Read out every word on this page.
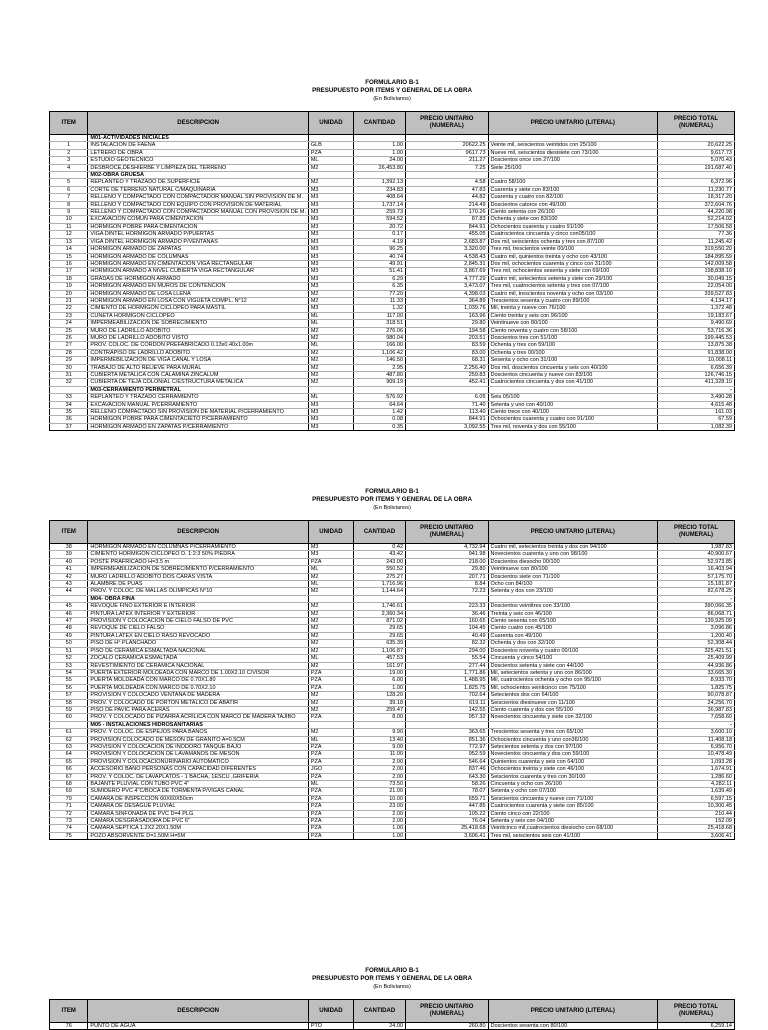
FORMULARIO B-1
PRESUPUESTO POR ITEMS Y GENERAL DE LA OBRA
(En Bolivianos)
ITEM	DESCRIPCION	UNIDAD	CANTIDAD	PRECIO UNITARIO (NUMERAL)	PRECIO UNITARIO (LITERAL)	PRECIO TOTAL (NUMERAL)
	M01-ACTIVIDADES INICIALES					
1	INSTALACION DE FAENA	GLB	1.00	20622.25	Veinte mil, seiscientos veintidos con 25/100	20,622.25
2	LETRERO DE OBRA	PZA	1.00	9617.73	Nueve mil, seiscientos diesisiete con 73/100	9,617.73
3	ESTUDIO GEOTECNICO	ML	24.00	211.27	Doscientos once con 27/100	5,070.43
4	DESBROCE,DESHIERBE Y LIMPIEZA DEL TERRENO	M2	26,453.80	7.25	Siete 25/100	191,687.40
	M02-OBRA GRUESA					
5	REPLANTEO Y TRAZADO DE SUPERFICIE	M2	1,392.13	4.58	Cuatro 58/100	6,372.96
6	CORTE DE TERRENO NATURAL C/MAQUINARIA	M3	234.83	47.83	Cuarenta y siete con 83/100	11,230.77
7	RELLENO Y COMPACTADO CON COMPACTADOR MANUAL SIN PROVISION DE M.	M3	408.64	44.82	Cuarenta y cuatro con 82/100	18,317.20
8	RELLENO Y COMPACTADO CON EQUIPO CON PROVISION DE MATERIAL	M3	1,737.14	214.49	Doscientos catorce con 49/100	372,604.76
9	RELLENO Y COMPACTADO CON COMPACTADOR MANUAL CON PROVISION DE M.	M3	259.73	170.26	Ciento setenta con 26/100	44,220.98
10	EXCAVACION COMUN PARA CIMENTACION	M3	594.52	87.83	Ochenta y siete con 83/100	52,214.02
11	HORMIGON POBRE PARA CIMENTACION	M3	20.72	844.91	Ochocientos cuarenta y cuatro 91/100	17,506.58
12	VIGA DINTEL HORMIGON ARMADO P/PUERTAS	M3	0.17	455.05	Cuatrocientos cincuenta y cinco con05/100	77.36
13	VIGA DINTEL HORMIGON ARMADO P/VENTANAS	M3	4.19	2,683.87	Dos mil, seiscientos ochenta y tres con 87/100	11,245.42
14	HORMIGON ARMADO DE ZAPATAS	M3	96.25	3,320.00	Tres mil, trescientos veinte 00/100	319,550.20
15	HORMIGON ARMADO DE COLUMNAS	M3	40.74	4,538.43	Cuatro mil, quinientos treinta y ocho con 43/100	184,895.59
16	HORMIGON ARMADO EN CIMENTACION VIGA RECTANGULAR	M3	49.91	2,845.31	Dos mil, ochocientos cuarenta y cinco con 31/100	142,009.58
17	HORMIGON ARMADO A NIVEL CUBIERTA VIGA RECTANGULAR	M3	51.41	3,867.69	Tres mil, ochocientos sesenta y siete con 69/100	198,838.10
18	GRADAS DE HORMIGON ARMADO	M3	6.29	4,777.29	Cuatro mil, setecientos setenta y siete con 29/100	30,049.15
19	HORMIGON ARMADO EN MUROS DE CONTENCION	M3	6.35	3,473.07	Tres mil, cuatrocientos setenta y tres con 07/100	22,054.00
20	HORMIGON ARMADO DE LOSA LLENA	M2	77.20	4,398.03	Cuatro mil, trescientos noventa y ocho con 03/100	339,527.83
21	HORMIGON ARMADO EN LOSA CON VIGUETA COMPL. N°12	M2	11.33	364.89	Trescientos sesenta y cuatro con 89/100	4,134.17
22	CIMIENTO DE HORMIGON CICLOPEO PARA MASTIL	M3	1.32	1,039.76	Mil, treinta y nueve con 76/100	1,372.48
23	CUNETA HORMIGON CICLOPEO	ML	117.00	163.96	Ciento treinta y seis con 96/100	19,183.67
24	IMPERMEABILIZACION DE SOBRECIMIENTO	ML	318.51	29.80	Veintinueve con 80/100	9,490.69
25	MURO DE LADRILLO ADOBITO	M2	276.06	194.58	Ciento noventa y cuatro con 58/100	53,716.36
26	MURO DE LADRILLO ADOBITO VISTO	M2	980.04	203.51	Doscientos tres con 51/100	199,445.53
27	PROV. COLOC. DE CORDON PREFABRICADO 0.13x0.40x1.00m	ML	166.00	83.59	Ochenta y tres con 59/100	13,875.38
28	CONTRAPISO DE LADRILLO ADOBITO	M2	1,106.42	83.00	Ochenta y tres 00/100	91,838.00
29	IMPERMEBILIZACION DE VIGA CANAL Y LOSA	M2	146.50	68.31	Sesenta y ocho con 31/100	10,008.11
30	TRABAJO DE ALTO RELIEVE PARA MURAL	M2	2.95	2,256.40	Dos mil, doscientos cincuenta y seis con 40/100	6,656.39
31	CUBIERTA METALICA CON CALAMINA ZINCALUM	M2	487.80	259.83	Doscientos cincuenta y nueve con 83/100	126,746.15
32	CUBIERTA DE TEJA COLONIAL C/ESTRUCTURA METALICA	M2	909.19	452.41	Cuatrocientos cincuenta y dos con 41/100	411,328.10
	M03-CERRAMIENTO PERIMETRAL					-
33	REPLANTEO Y TRAZADO CERRAMIENTO	ML	576.92	6.05	Seis 05/100	3,490.28
34	EXCAVACION MANUAL P/CERRAMIENTO	M3	64.64	71.40	Setenta y uno con 40/100	4,615.48
35	RELLENO COMPACTADO SIN PROVISION DE MATERIAL P/CERRAMIENTO	M3	1.42	113.40	Ciento trece con 40/100	161.03
36	HORMIGON POBRE PARA CIMENTACIETO P/CERRAMIENTO	M3	0.08	844.91	Ochocientos cuarenta y cuatro con 91/100	67.59
37	HORMIGON ARMADO EN ZAPATAS P/CERRAMIENTO	M3	0.35	3,092.55	Tres mil, noventa y dos con 55/100	1,082.39
FORMULARIO B-1
PRESUPUESTO POR ITEMS Y GENERAL DE LA OBRA
(En Bolivianos)
ITEM	DESCRIPCION	UNIDAD	CANTIDAD	PRECIO UNITARIO (NUMERAL)	PRECIO UNITARIO (LITERAL)	PRECIO TOTAL (NUMERAL)
38	HORMIGON ARMADO EN COLUMNAS P/CERRAMIENTO	M3	0.42	4,732.94	Cuatro mil, setecientos treinta y dos con 94/100	1,987.83
39	CIMIENTO HORMIGON CICLOPEO D. 1:2:3 50% PIEDRA	M3	43.42	941.98	Novecientos cuarenta y uno con 98/100	40,900.67
40	POSTE PRAFRICADO H=3.5 m	PZA	243.00	218.00	Doscientos diesocho 00/100	52,973.85
41	IMPERMEABILIZACION DE SOBRECIMIENTO P/CERRAMIENTO	ML	550.52	29.80	Veintinueve con 80/100	16,403.94
42	MURO LADRILLO ADOBITO DOS CARAS VISTA	M2	275.27	207.71	Doscientos siete con 71/100	57,175.70
43	ALAMBRE DE PUAS	ML	1,716.96	8.84	Ocho con 84/100	15,181.87
44	PROV. Y COLOC. DE MALLAS OLIMPICAS N°10	M2	1,144.64	72.23	Setenta y dos con 23/100	82,678.25
	M04- OBRA FINA					-
45	REVOQUE FINO EXTERIOR E INTERIOR	M2	1,746.61	223.33	Doscientos veintitres con 33/100	390,066.35
46	PINTURA LATEX INTERIOR Y EXTERIOR	M2	2,360.34	36.46	Treinta y seis con 46/100	86,068.71
47	PROVISION Y COLOCACION DE CIELO FALSO DE PVC	M2	871.02	160.65	Ciento sesenta con 65/100	139,925.09
48	REVOQUE DE CIELO FALSO	M2	29.65	104.45	Ciento cuatro con 45/100	3,096.86
49	PINTURA LATEX EN CIELO RASO REVOCADO	M2	29.65	40.49	Cuarenta con 49/100	1,200.40
50	PISO DE H° PLANCHADO	M2	635.39	82.32	Ochenta y dos con 32/100	52,308.44
51	PISO DE CERAMICA ESMALTADA NACIONAL	M2	1,106.87	294.00	Doscientos noventa y cuatro 00/100	325,421.51
52	ZOCALO CERAMICA ESMALTADA	ML	457.53	55.54	Cincuenta y cinco 54/100	25,409.99
53	REVESTIMIENTO DE CERAMICA NACIONAL	M2	161.97	277.44	Doscientos setenta y siete con 44/100	44,936.86
54	PUERTA EXTERIOR MOLDEADA CON MARCO DE 1.00X2.10 C/VISOR	PZA	19.00	1,771.86	Mil, setecientos setenta y uno con 86/100	33,665.30
55	PUERTA MOLDEADA CON MARCO DE 0.70X1.80	PZA	6.00	1,488.95	Mil, cuatrocientos ochenta y ocho con 95/100	8,933.70
56	PUERTA MOLDEADA CON MARCO DE 0.70X2.10	PZA	1.00	1,825.75	Mil, ochocientos veinticinco con 75/100	1,825.75
57	PROVISION Y COLOCADO VENTANA DE MADERA	M2	128.20	702.64	Setecientos dos con 64/100	90,078.87
58	PROV. Y COLOCADO DE PORTON METALICO DE ABATIR	M2	39.18	619.11	Seiscientos diesinueve con 11/100	24,256.70
59	PISO DE PAVIC PARA ACERAS	M2	259.47	142.55	Ciento cuarenta y dos con 55/100	36,987.83
60	PROV. Y COLOCADO DE PIZARRA ACRILICA CON MARCO DE MADERA TAJIBO	PZA	8.00	957.32	Novecientos cincuenta y siete con 32/100	7,658.60
	M05 - INSTALACIONES HIDROSANITARIAS					-
61	PROV. Y COLOC. DE ESPEJOS PARA BAÑOS	M2	9.90	363.65	Trescientos sesenta y tres con 65/100	3,600.10
62	PROVISION COLOCADO DE MESON DE GRANITO A=0.5CM	ML	13.40	851.36	Ochocientos cincuenta y uno con36/100	11,408.18
63	PROVISION Y COLOCACION DE INODORO TANQUE BAJO	PZA	9.00	772.97	Setecientos setenta y dos con 97/100	6,956.70
64	PROVISION Y COLOCACION DE LAVAMANOS DE MESON	PZA	11.00	952.59	Novecientos cincuenta y dos con 59/100	10,478.49
65	PROVISION Y COLOCACIONURINARIO AUTOMATICO	PZA	2.00	546.64	Quinientos cuarenta y seis con 64/100	1,093.28
66	ACCESORIO BAÑO PERSONAS CON CAPACIDAD DIFERENTES	JGO	2.00	837.46	Ochocientos treinta y siete con 46/100	1,674.91
67	PROV. Y COLOC. DE LAVAPLATOS - 1 BACHA, 1ESCU ,GRIFERIA	PZA	2.00	643.30	Seiscientos cuarenta y tres con 30/100	1,286.60
68	BAJANTE PLUVIAL CON TUBO PVC 4"	ML	73.50	58.26	Cincuenta y ocho con 26/100	4,282.11
69	SUMIDERO PVC 4"C/BOCA DE TORMENTA P/VIGAS CANAL	PZA	21.00	78.07	Setenta y ocho con 07/100	1,639.49
70	CAMARA DE INSPECCION 60X60X50cm	PZA	10.00	659.71	Seiscientos cincuenta y nueve con 71/100	6,597.15
71	CAMARA DE DESAGUE PLUVIAL	PZA	23.00	447.85	Cuatrocientos cuarenta y siete con 85/100	10,300.45
72	CAMARA SINFONADA DE PVC D=4 PLG	PZA	2.00	105.22	Ciento cinco con 22/100	210.44
73	CAMARA DESGRASADORA DE PVC 6"	PZA	2.00	76.04	Setenta y seis con 04/100	152.09
74	CAMARA SEPTICA 1.2X2.20X1.50M	PZA	1.00	25,418.68	Veinticinco mil,cuatrocientos diesiocho con 68/100	25,418.68
75	POZO ABSORVENTE D=1.50M H=5M	PZA	1.00	3,606.41	Tres mil, seiscientos seis con 41/100	3,606.41
FORMULARIO B-1
PRESUPUESTO POR ITEMS Y GENERAL DE LA OBRA
(En Bolivianos)
ITEM	DESCRIPCION	UNIDAD	CANTIDAD	PRECIO UNITARIO (NUMERAL)	PRECIO UNITARIO (LITERAL)	PRECIO TOTAL (NUMERAL)
76	PUNTO DE AGUA	PTO	24.00	260.80	Doscientos sesenta con 80/100	6,259.14
